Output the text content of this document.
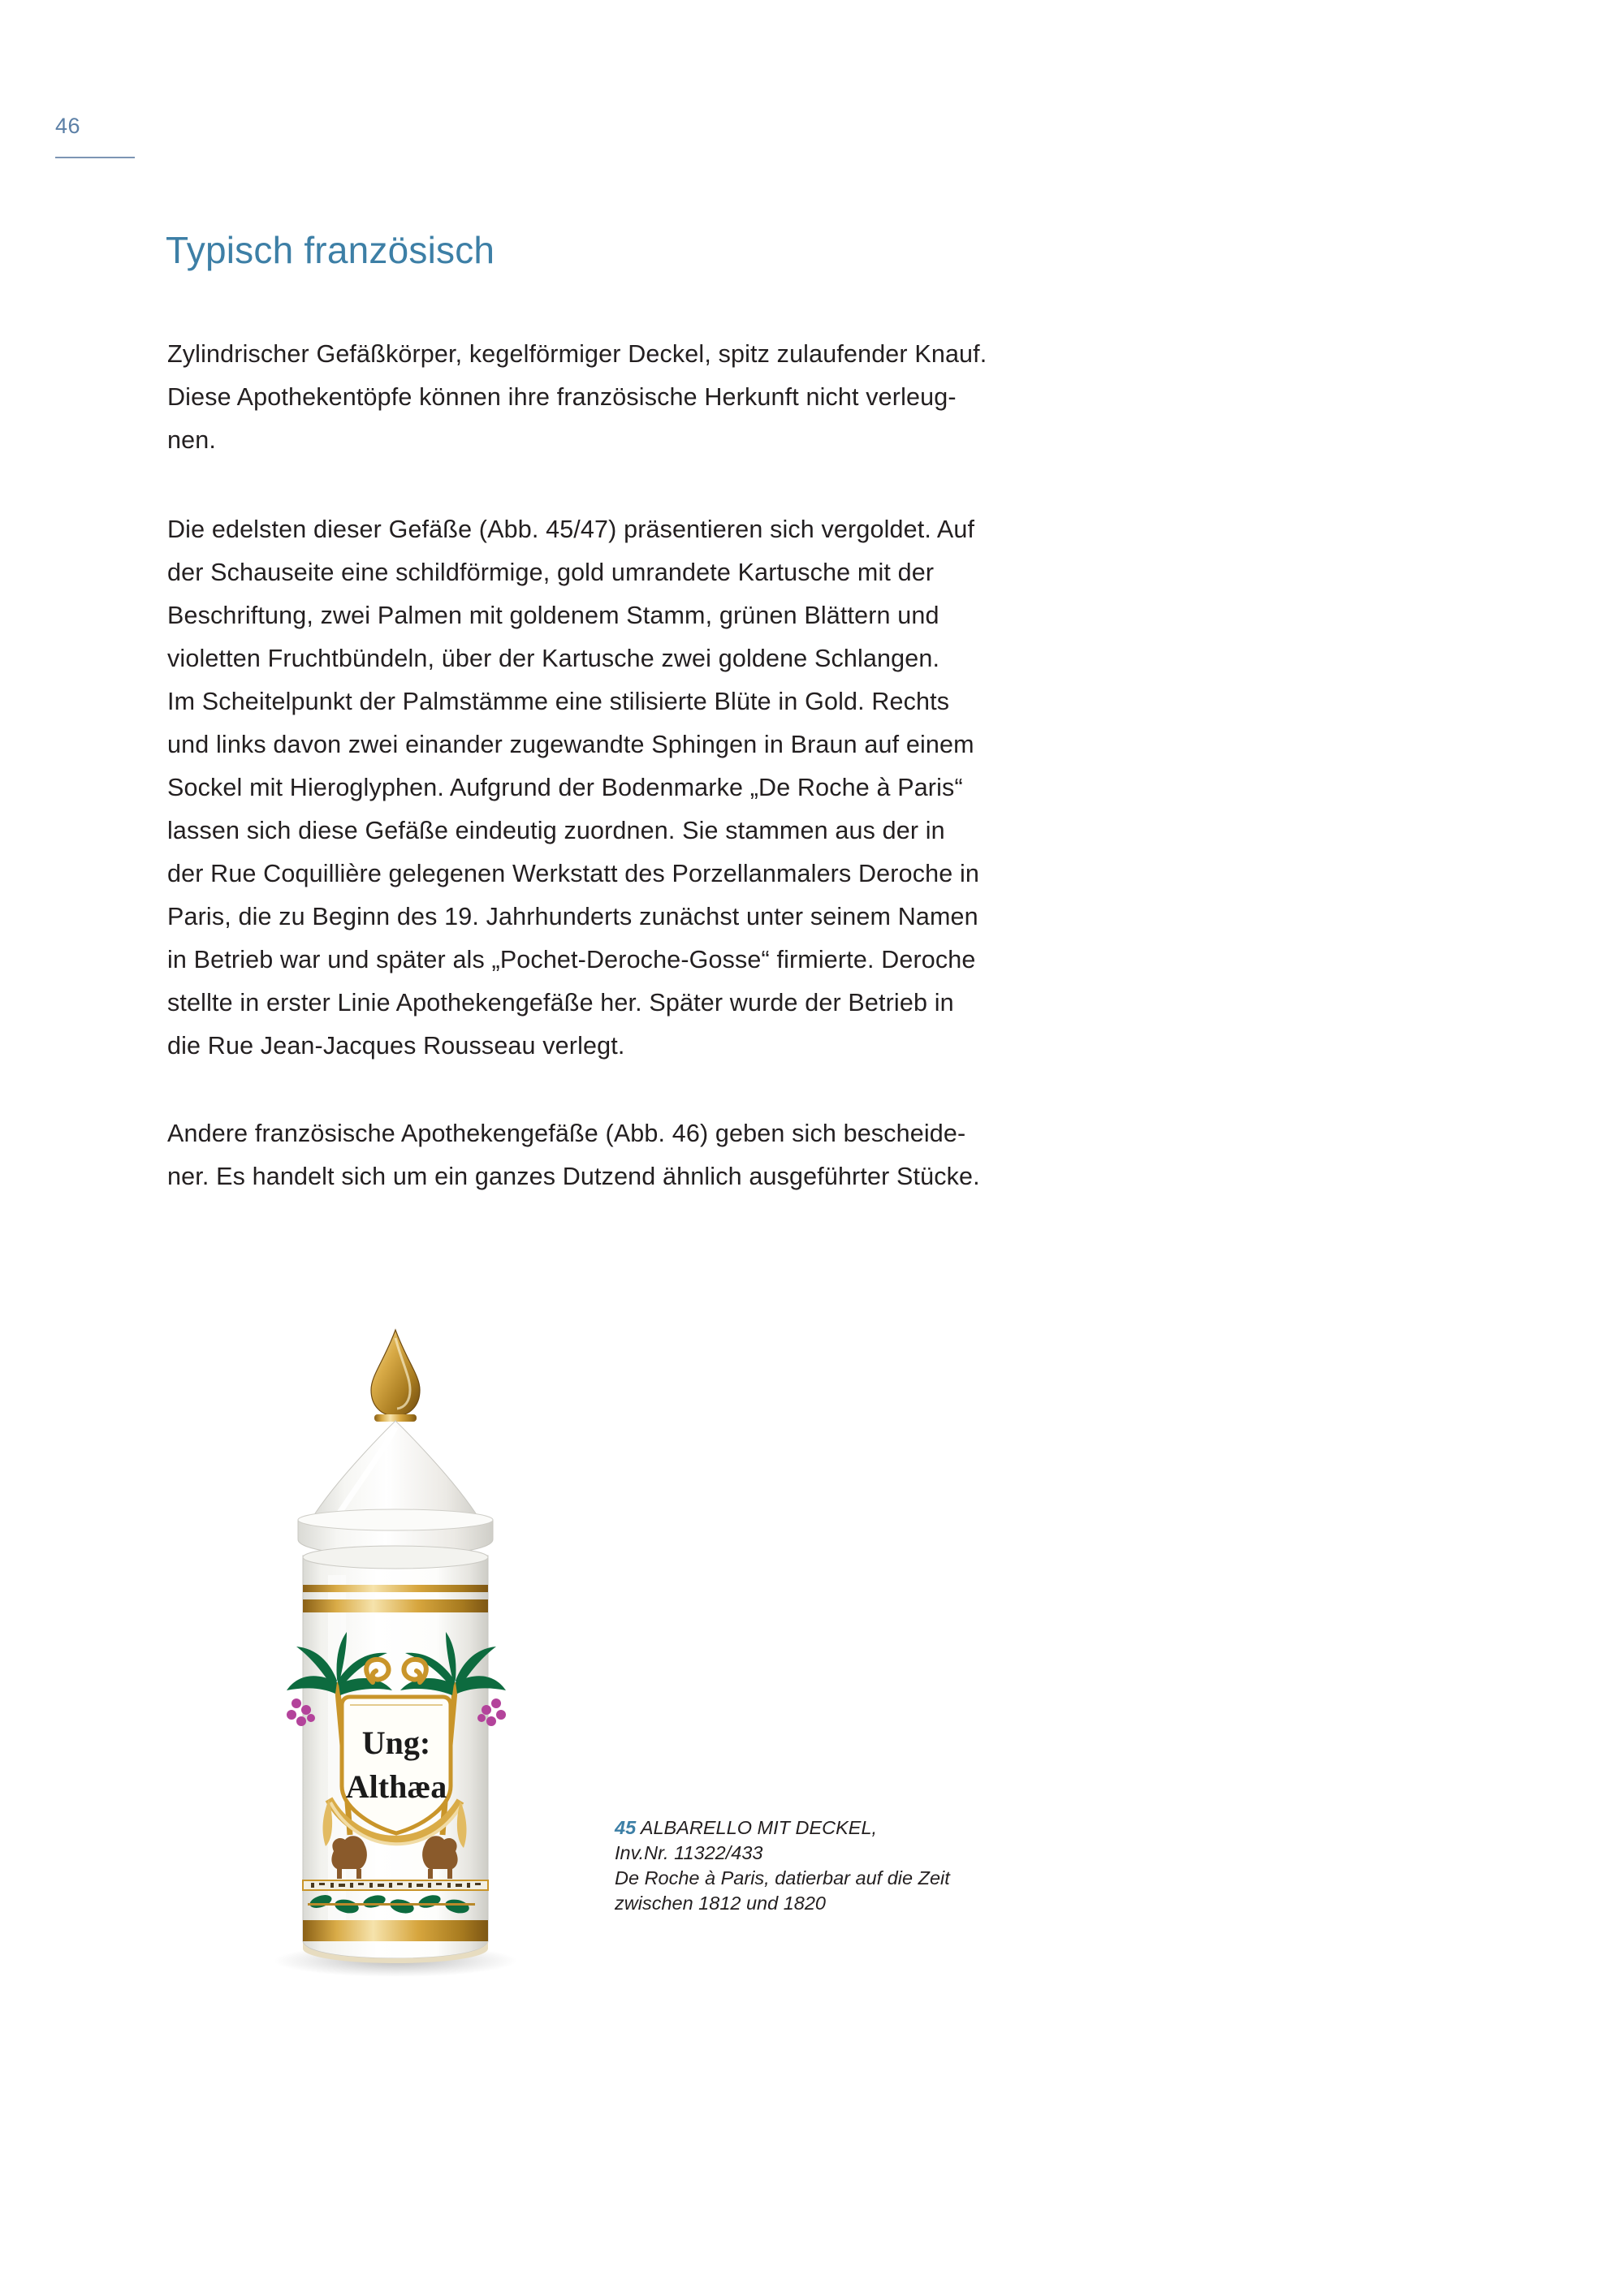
46
Typisch französisch

Zylindrischer Gefäßkörper, kegelförmiger Deckel, spitz zulaufender Knauf.
Diese Apothekentöpfe können ihre französische Herkunft nicht verleug-
nen.

Die edelsten dieser Gefäße (Abb. 45/47) präsentieren sich vergoldet. Auf
der Schauseite eine schildförmige, gold umrandete Kartusche mit der
Beschriftung, zwei Palmen mit goldenem Stamm, grünen Blättern und
violetten Fruchtbündeln, über der Kartusche zwei goldene Schlangen.
Im Scheitelpunkt der Palmstämme eine stilisierte Blüte in Gold. Rechts
und links davon zwei einander zugewandte Sphingen in Braun auf einem
Sockel mit Hieroglyphen. Aufgrund der Bodenmarke „De Roche à Paris“
lassen sich diese Gefäße eindeutig zuordnen. Sie stammen aus der in
der Rue Coquillière gelegenen Werkstatt des Porzellanmalers Deroche in
Paris, die zu Beginn des 19. Jahrhunderts zunächst unter seinem Namen
in Betrieb war und später als „Pochet-Deroche-Gosse“ firmierte. Deroche
stellte in erster Linie Apothekengefäße her. Später wurde der Betrieb in
die Rue Jean-Jacques Rousseau verlegt.

Andere französische Apothekengefäße (Abb. 46) geben sich bescheide-
ner. Es handelt sich um ein ganzes Dutzend ähnlich ausgeführter Stücke.

Ung:
Althæa
45 ALBARELLO MIT DECKEL,
Inv.Nr. 11322/433
De Roche à Paris, datierbar auf die Zeit
zwischen 1812 und 1820
